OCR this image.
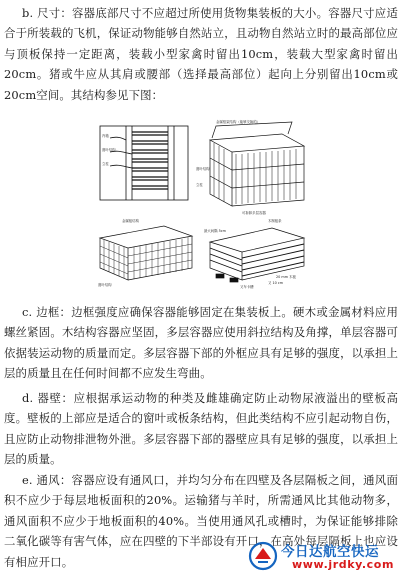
b. 尺寸：容器底部尺寸不应超过所使用货物集装板的大小。容器尺寸应适合于所装载的飞机，保证动物能够自然站立，且动物自然站立时的最高部位应与顶板保持一定距离，装载小型家禽时留出10cm，装载大型家禽时留出20cm。猪或牛应从其肩或腰部（选择最高部位）起向上分别留出10cm或20cm空间。其结构参见下图：

内箱
窗叶结构
立柱
金属框架结构（能够交换的）
窗叶结构
立柱
可拆卸多层容器
金属板结构
窗叶结构
木制板条
最大间隔 5cm
20 mm 木板
又 10 cm
叉车卡槽

c. 边框：边框强度应确保容器能够固定在集装板上。硬木或金属材料应用螺丝紧固。木结构容器应坚固，多层容器应使用斜拉结构及角撑，单层容器可依据装运动物的质量而定。多层容器下部的外框应具有足够的强度，以承担上层的质量且在任何时间都不应发生弯曲。

d. 器壁：应根据承运动物的种类及雌雄确定防止动物尿液溢出的壁板高度。壁板的上部应是适合的窗叶或板条结构，但此类结构不应引起动物自伤，且应防止动物排泄物外泄。多层容器下部的器壁应具有足够的强度，以承担上层的质量。

e. 通风：容器应设有通风口，并均匀分布在四壁及各层隔板之间，通风面积不应少于每层地板面积的20%。运输猪与羊时，所需通风比其他动物多，通风面积不应少于地板面积的40%。当使用通风孔或槽时，为保证能够排除二氧化碳等有害气体，应在四壁的下半部设有开口，在高处每层隔板上也应设有相应开口。

今日达航空快运
www.jrdky.com
